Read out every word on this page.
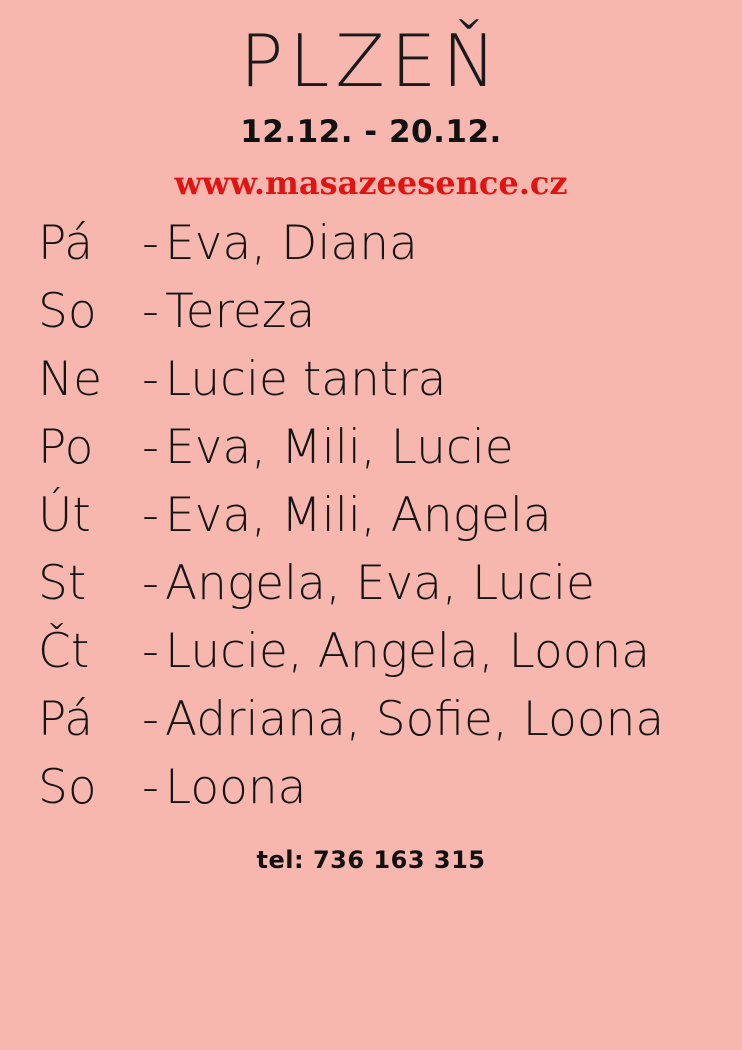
PLZEŇ
12.12. - 20.12.
www.masazeesence.cz
Pá	- Eva, Diana
So - Tereza
Ne - Lucie tantra
Po	- Eva, Mili, Lucie
Út	- Eva, Mili, Angela
St	- Angela, Eva, Lucie
Čt	- Lucie, Angela, Loona
Pá	- Adriana, Sofie, Loona
So - Loona
tel: 736 163 315
